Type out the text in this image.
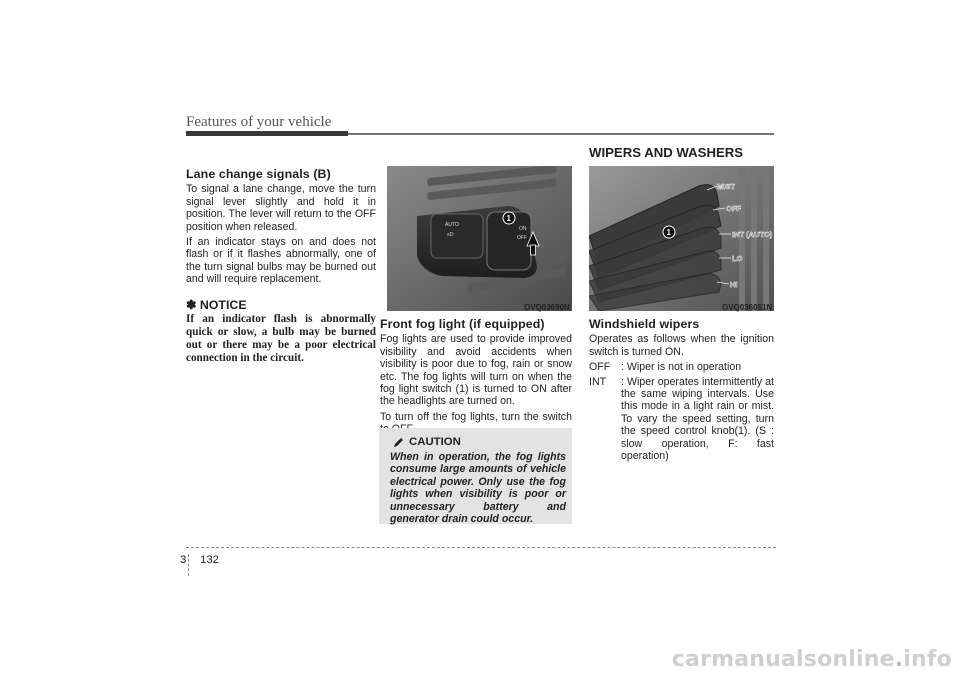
Features of your vehicle
Lane change signals (B)

To signal a lane change, move the turn signal lever slightly and hold it in position. The lever will return to the OFF position when released.

If an indicator stays on and does not flash or if it flashes abnormally, one of the turn signal bulbs may be burned out and will require replacement.

✽ NOTICE
If an indicator flash is abnormally quick or slow, a bulb may be burned out or there may be a poor electrical connection in the circuit.
AUTO
≡D
ON
OFF
1
OVQ03690N
Front fog light (if equipped)

Fog lights are used to provide improved visibility and avoid accidents when visibility is poor due to fog, rain or snow etc. The fog lights will turn on when the fog light switch (1) is turned to ON after the headlights are turned on.

To turn off the fog lights, turn the switch

CAUTION
When in operation, the fog lights consume large amounts of vehicle electrical power. Only use the fog lights when visibility is poor or unnecessary battery and generator drain could occur.
WIPERS AND WASHERS
MIST
OFF
INT (AUTO)
LO
HI
1
OVQ036051N
Windshield wipers

Operates as follows when the ignition switch is turned ON.

OFF	: Wiper is not in operation
INT	: Wiper operates intermittently at the same wiping intervals. Use this mode in a light rain or mist. To vary the speed setting, turn the speed control knob(1). (S : slow operation, F: fast operation)
3 132
carmanualsonline.info
